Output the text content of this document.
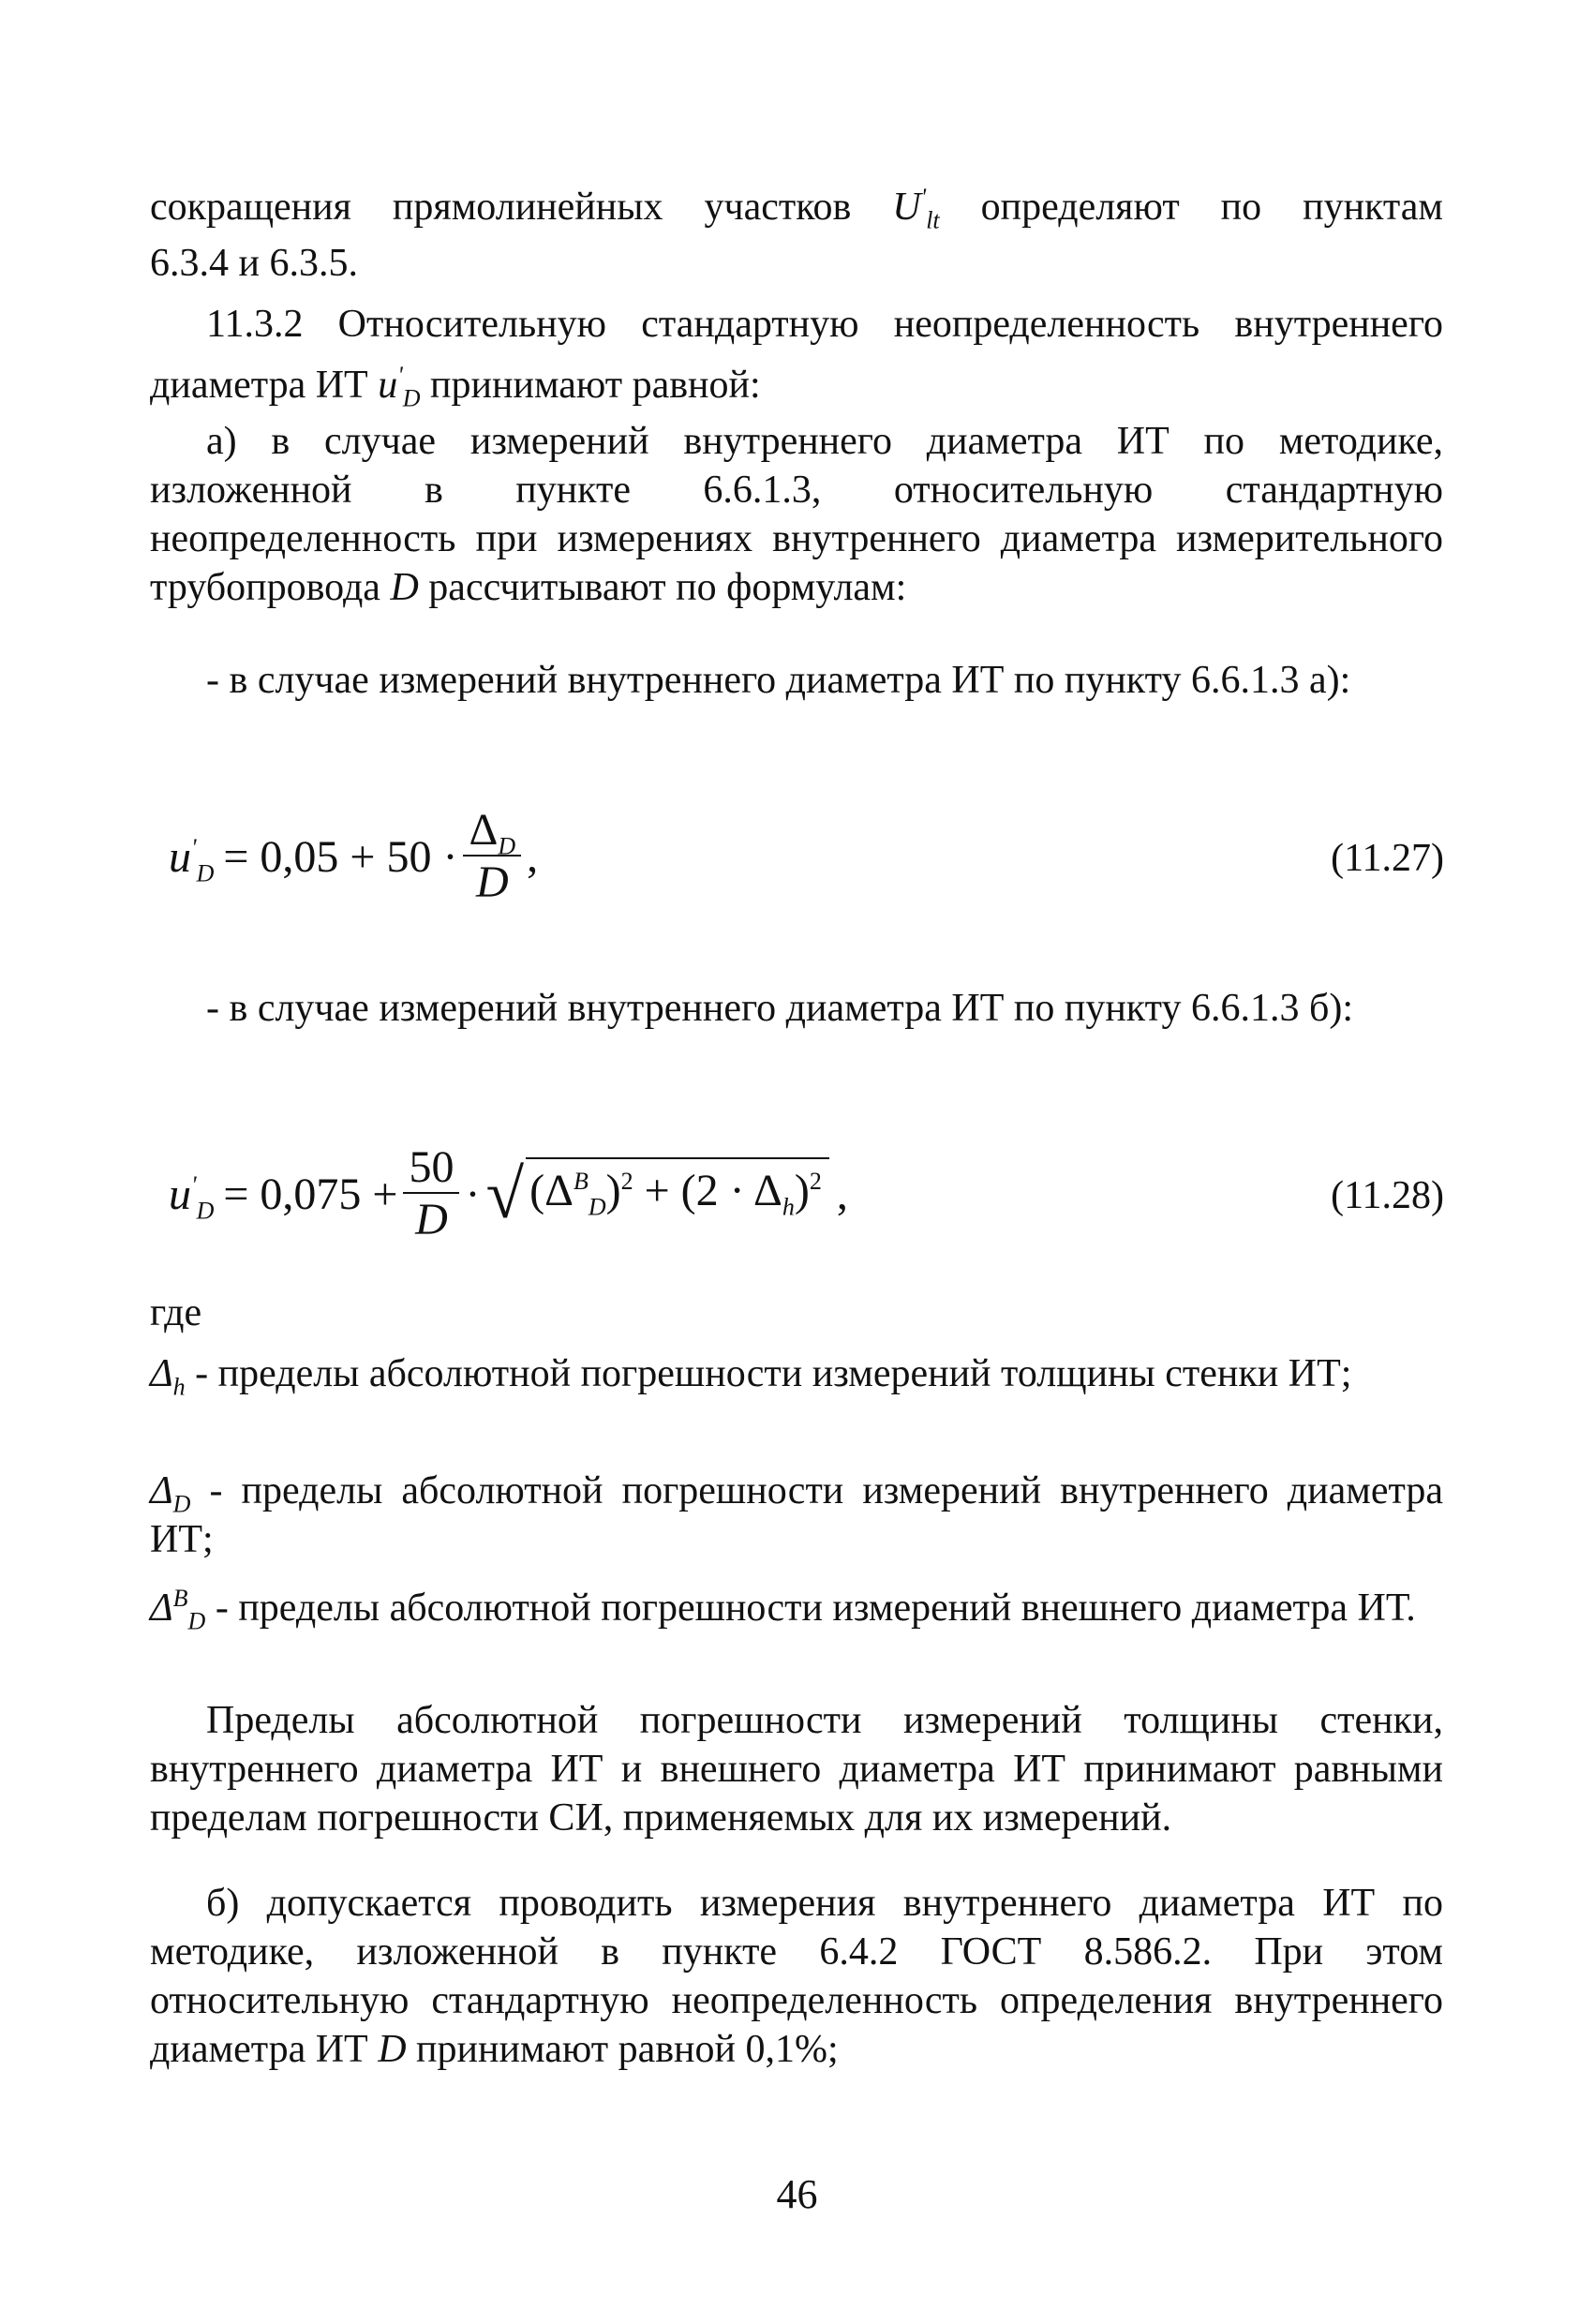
сокращения прямолинейных участков $U'_{lt}$ определяют по пунктам
6.3.4 и 6.3.5.
11.3.2 Относительную стандартную неопределенность внутреннего
диаметра ИТ $u'_D$ принимают равной:
а) в случае измерений внутреннего диаметра ИТ по методике, изложенной в пункте 6.6.1.3, относительную стандартную неопределенность при измерениях внутреннего диаметра измерительного трубопровода D рассчитывают по формулам:
- в случае измерений внутреннего диаметра ИТ по пункту 6.6.1.3 а):
$u'_D = 0,05 + 50 \cdot \frac{\Delta_D}{D}$ ,	(11.27)
- в случае измерений внутреннего диаметра ИТ по пункту 6.6.1.3 б):
$u'_D = 0,075 + \frac{50}{D}$ · √ $(\Delta^B_D)^2 + (2 \cdot \Delta_h)^2$ ,	(11.28)
где
$\Delta_h$ - пределы абсолютной погрешности измерений толщины стенки ИТ;
$\Delta_D$ - пределы абсолютной погрешности измерений внутреннего диаметра ИТ;
$\Delta^B_D$ - пределы абсолютной погрешности измерений внешнего диаметра ИТ.
Пределы абсолютной погрешности измерений толщины стенки, внутреннего диаметра ИТ и внешнего диаметра ИТ принимают равными пределам погрешности СИ, применяемых для их измерений.
б) допускается проводить измерения внутреннего диаметра ИТ по методике, изложенной в пункте 6.4.2 ГОСТ 8.586.2. При этом относительную стандартную неопределенность определения внутреннего диаметра ИТ D принимают равной 0,1%;
46
